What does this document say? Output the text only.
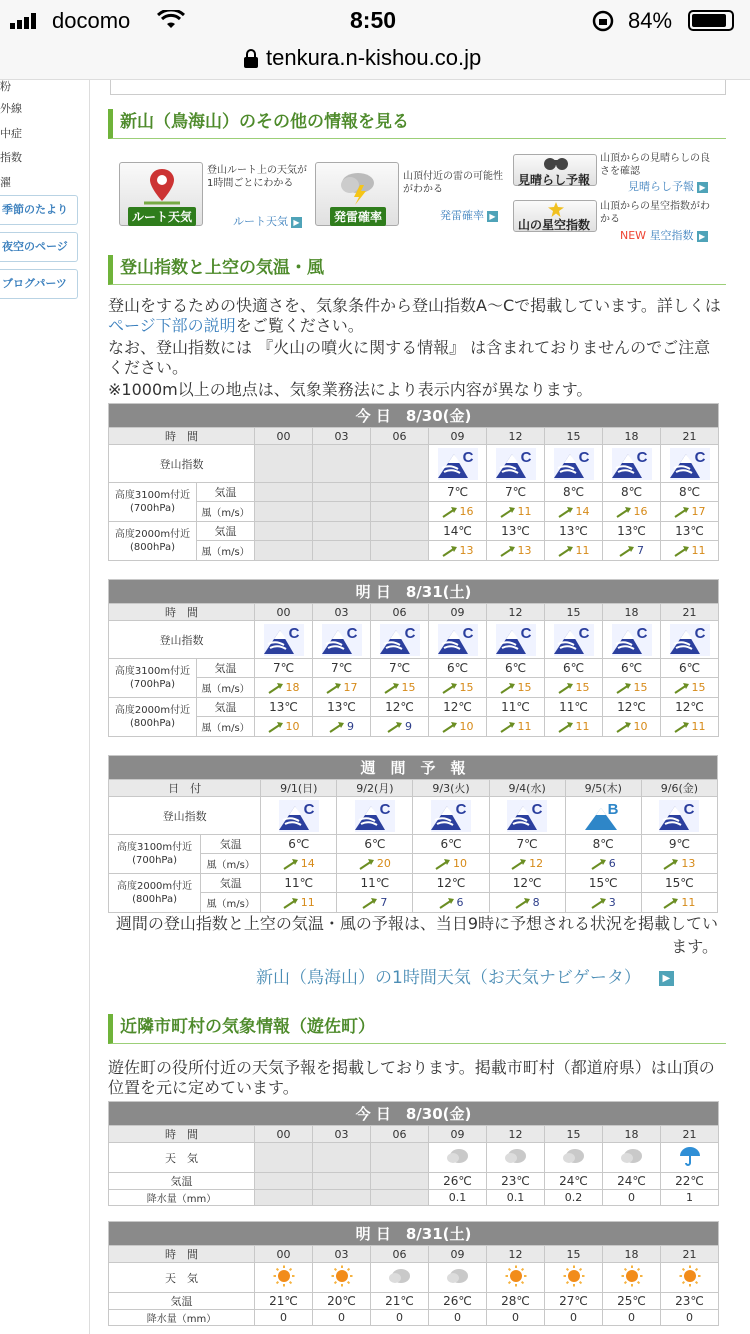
docomo	8:50	84%
tenkura.n-kishou.co.jp
粉
外線
中症
指数
濯
季節のたより
夜空のページ
ブログパーツ
新山（鳥海山）のその他の情報を見る
ルート天気
登山ルート上の天気が1時間ごとにわかる
ルート天気 ▶	発雷確率
山頂付近の雷の可能性がわかる
発雷確率 ▶
見晴らし予報
山頂からの見晴らしの良さを確認
見晴らし予報 ▶
山の星空指数
山頂からの星空指数がわかる
NEW 星空指数 ▶
登山指数と上空の気温・風
登山をするための快適さを、気象条件から登山指数A〜Cで掲載しています。詳しくはページ下部の説明をご覧ください。
なお、登山指数には 『火山の噴火に関する情報』 は含まれておりませんのでご注意ください。
※1000m以上の地点は、気象業務法により表示内容が異なります。
今 日　8/30(金)									
時　間		00	03	06	09	12	15	18	21
登山指数					C	C	C	C	C

高度3100m付近
(700hPa)	気温				7℃	7℃	8℃	8℃	8℃
	風（m/s）				16	11	14	16	17
高度2000m付近
(800hPa)	気温				14℃	13℃	13℃	13℃	13℃
	風（m/s）				13	13	11	7	11
明 日　8/31(土)									
時　間		00	03	06	09	12	15	18	21
登山指数		C	C	C	C	C	C	C	C

高度3100m付近
(700hPa)	気温	7℃	7℃	7℃	6℃	6℃	6℃	6℃	6℃
	風（m/s）	18	17	15	15	15	15	15	15
高度2000m付近
(800hPa)	気温	13℃	13℃	12℃	12℃	11℃	11℃	12℃	12℃
	風（m/s）	10	9	9	10	11	11	10	11
週　間　予　報							
日　付		9/1(日)	9/2(月)	9/3(火)	9/4(水)	9/5(木)	9/6(金)
登山指数		C	C	C	C	B	C

高度3100m付近
(700hPa)	気温	6℃	6℃	6℃	7℃	8℃	9℃
	風（m/s）	14	20	10	12	6	13
高度2000m付近
(800hPa)	気温	11℃	11℃	12℃	12℃	15℃	15℃
	風（m/s）	11	7	6	8	3	11
今 日　8/30(金)								
時　間	00	03	06	09	12	15	18	21
天　気								
気温				26℃	23℃	24℃	24℃	22℃
降水量（mm）				0.1	0.1	0.2	0	1
明 日　8/31(土)								
時　間	00	03	06	09	12	15	18	21
天　気								
気温	21℃	20℃	21℃	26℃	28℃	27℃	25℃	23℃
降水量（mm）	0	0	0	0	0	0	0	0
週間の登山指数と上空の気温・風の予報は、当日9時に予想される状況を掲載しています。
新山（鳥海山）の1時間天気（お天気ナビゲータ） ▶
近隣市町村の気象情報（遊佐町）
遊佐町の役所付近の天気予報を掲載しております。掲載市町村（都道府県）は山頂の位置を元に定めています。
